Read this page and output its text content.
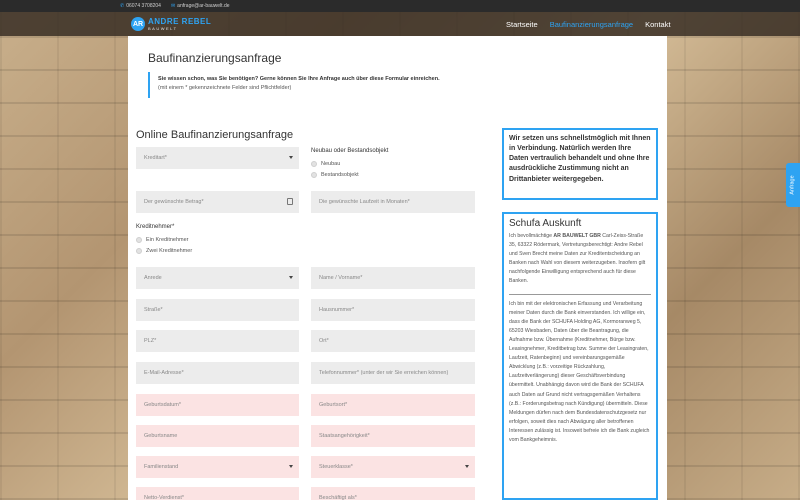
✆ 06074 3708204 ✉ anfrage@ar-bauwelt.de
AR ANDRE REBEL
BAUWELT	Startseite Baufinanzierungsanfrage Kontakt
Baufinanzierungsanfrage
Sie wissen schon, was Sie benötigen? Gerne können Sie Ihre Anfrage auch über diese Formular einreichen.
(mit einem * gekennzeichnete Felder sind Pflichtfelder)
Online Baufinanzierungsanfrage
Kreditart*
Neubau oder Bestandsobjekt
Neubau
Bestandsobjekt
Der gewünschte Betrag*	Die gewünschte Laufzeit in Monaten*
Kreditnehmer*
Ein Kreditnehmer
Zwei Kreditnehmer
Anrede	Name / Vorname*
Straße*	Hausnummer*
PLZ*	Ort*
E-Mail-Adresse*	Telefonnummer* (unter der wir Sie erreichen können)
Geburtsdatum*	Geburtsort*
Geburtsname	Staatsangehörigkeit*
Familienstand	Steuerklasse*
Netto-Verdienst*	Beschäftigt als*

Wir setzen uns schnellstmöglich mit Ihnen in Verbindung. Natürlich werden Ihre Daten vertraulich behandelt und ohne Ihre ausdrückliche Zustimmung nicht an Drittanbieter weitergegeben.

Schufa Auskunft

Ich bevollmächtige AR BAUWELT GBR Carl-Zeiss-Straße 35, 63322 Rödermark, Vertretungsberechtigt: Andre Rebel und Sven Brecht meine Daten zur Kreditentscheidung an Banken nach Wahl von diesem weiterzugeben. Insofern gilt nachfolgende Einwilligung entsprechend auch für diese Banken.

Ich bin mit der elektronischen Erfassung und Verarbeitung meiner Daten durch die Bank einverstanden. Ich willige ein, dass die Bank der SCHUFA Holding AG, Kormoranweg 5, 65203 Wiesbaden, Daten über die Beantragung, die Aufnahme bzw. Übernahme (Kreditnehmer, Bürge bzw. Leasingnehmer, Kreditbetrag bzw. Summe der Leasingraten, Laufzeit, Ratenbeginn) und vereinbarungsgemäße Abwicklung (z.B.: vorzeitige Rückzahlung, Laufzeitverlängerung) dieser Geschäftsverbindung übermittelt. Unabhängig davon wird die Bank der SCHUFA auch Daten auf Grund nicht vertragsgemäßen Verhaltens (z.B.: Forderungsbetrag nach Kündigung) übermitteln. Diese Meldungen dürfen nach dem Bundesdatenschutzgesetz nur erfolgen, soweit dies nach Abwägung aller betroffenen Interessen zulässig ist. Insoweit befreie ich die Bank zugleich vom Bankgeheimnis.

Anfrage
